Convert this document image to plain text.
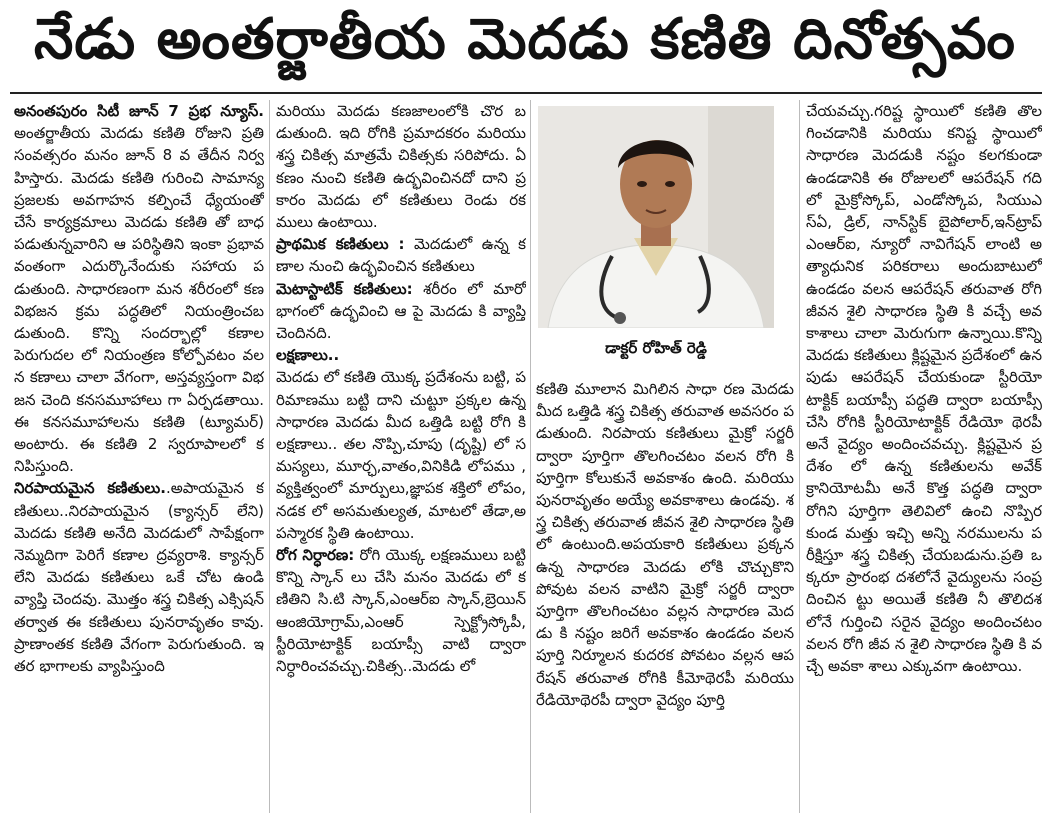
నేడు అంతర్జాతీయ మెదడు కణితి దినోత్సవం

అనంతపురం సిటీ జూన్ 7 ప్రభ న్యూస్. అంతర్జాతీయ మెదడు కణితి రోజుని ప్రతి సంవత్సరం మనం జూన్ 8 వ తేదీన నిర్వహిస్తారు. మెదడు కణితి గురించి సామాన్య ప్రజలకు అవగాహన కల్పించే ధ్యేయంతో చేసే కార్యక్రమాలు మెదడు కణితి తో బాధ పడుతున్నవారిని ఆ పరిస్థితిని ఇంకా ప్రభావవంతంగా ఎదుర్కొనేందుకు సహాయ పడుతుంది. సాధారణంగా మన శరీరంలో కణ విభజన క్రమ పద్ధతిలో నియంత్రించబడుతుంది. కొన్ని సందర్భాల్లో కణాల పెరుగుదల లో నియంత్రణ కోల్పోవటం వలన కణాలు చాలా వేగంగా, అస్తవ్యస్తంగా విభజన చెంది కనసమూహాలు గా ఏర్పడతాయి. ఈ కనసమూహాలను కణితి (ట్యూమర్) అంటారు. ఈ కణితి 2 స్వరూపాలలో కనిపిస్తుంది.

నిరపాయమైన కణితులు..అపాయమైన కణితులు..నిరపాయమైన (క్యాన్సర్ లేని) మెదడు కణితి అనేది మెదడులో సాపేక్షంగా నెమ్మదిగా పెరిగే కణాల ద్రవ్యరాశి. క్యాన్సర్ లేని మెదడు కణితులు ఒకే చోట ఉండి వ్యాప్తి చెందవు. మొత్తం శస్త్ర చికిత్స ఎక్సిషన్ తర్వాత ఈ కణితులు పునరావృతం కావు. ప్రాణాంతక కణితి వేగంగా పెరుగుతుంది. ఇతర భాగాలకు వ్యాపిస్తుంది

మరియు మెదడు కణజాలంలోకి చొర బడుతుంది. ఇది రోగికి ప్రమాదకరం మరియు శస్త్ర చికిత్స మాత్రమే చికిత్సకు సరిపోదు. ఏ కణం నుంచి కణితి ఉద్భవించినదో దాని ప్రకారం మెదడు లో కణితులు రెండు రకములు ఉంటాయి.

ప్రాథమిక కణితులు : మెదడులో ఉన్న కణాల నుంచి ఉద్భవించిన కణితులు

మెటాస్టాటిక్ కణితులు: శరీరం లో మారో భాగంలో ఉద్భవించి ఆ పై మెదడు కి వ్యాప్తి చెందినది.

లక్షణాలు..

మెదడు లో కణితి యొక్క ప్రదేశంను బట్టి, పరిమాణము బట్టి దాని చుట్టూ ప్రక్కల ఉన్న సాధారణ మెదడు మీద ఒత్తిడి బట్టి రోగి కి లక్షణాలు.. తల నొప్పి,చూపు (దృష్టి) లో సమస్యలు, మూర్ఛ,వాతం,వినికిడి లోపము ,వ్యక్తిత్వంలో మార్పులు,జ్ఞాపక శక్తిలో లోపం,నడక లో అసమతుల్యత, మాటలో తేడా,అపస్మారక స్థితి ఉంటాయి.

రోగ నిర్ధారణ: రోగి యొక్క లక్షణములు బట్టి కొన్ని స్కాన్ లు చేసి మనం మెదడు లో కణితిని సి.టి స్కాన్,ఎంఆర్ఐ స్కాన్,బ్రెయిన్ ఆంజియోగ్రామ్,ఎంఆర్ స్పెక్ట్రోస్కోపీ, స్టీరియోటాక్టిక్ బయాప్సీ వాటి ద్వారా నిర్ధారించవచ్చు.చికిత్స..మెదడు లో

డాక్టర్ రోహిత్ రెడ్డి

కణితి మూలాన మిగిలిన సాధా రణ మెదడు మీద ఒత్తిడి శస్త్ర చికిత్స తరువాత అవసరం పడుతుంది. నిరపాయ కణితులు మైక్రో సర్జరీ ద్వారా పూర్తిగా తొలగించటం వలన రోగి కి పూర్తిగా కోలుకునే అవకాశం ఉంది. మరియు పునరావృతం అయ్యే అవకాశాలు ఉండవు. శస్త్ర చికిత్స తరువాత జీవన శైలి సాధారణ స్థితి లో ఉంటుంది.అపయకారి కణితులు ప్రక్కన ఉన్న సాధారణ మెదడు లోకి చొచ్చుకొని పోవుట వలన వాటిని మైక్రో సర్జరీ ద్వారా పూర్తిగా తొలగించటం వల్లన సాధారణ మెదడు కి నష్టం జరిగే అవకాశం ఉండడం వలన పూర్తి నిర్మూలన కుదరక పోవటం వల్లన ఆపరేషన్ తరువాత రోగికి కీమోథెరపీ మరియు రేడియోథెరపీ ద్వారా వైద్యం పూర్తి

చేయవచ్చు.గరిష్ట స్థాయిలో కణితి తొలగించడానికి మరియు కనిష్ట స్థాయిలో సాధారణ మెదడుకి నష్టం కలగకుండా ఉండడానికి ఈ రోజులలో ఆపరేషన్ గది లో మైక్రోస్కోప్, ఎండోస్కోప, సియుఎస్ఏ, డ్రిల్, నాన్‌స్టిక్ బైపోలార్,ఇన్‌ట్రాప్ ఎంఆర్ఐ, న్యూరో నావిగేషన్ లాంటి అత్యాధునిక పరికరాలు అందుబాటులో ఉండడం వలన ఆపరేషన్ తరువాత రోగి జీవన శైలి సాధారణ స్థితి కి వచ్చే అవకాశాలు చాలా మెరుగుగా ఉన్నాయి.కొన్ని మెదడు కణితులు క్లిష్టమైన ప్రదేశంలో ఉన పుడు ఆపరేషన్ చేయకుండా స్టీరియో టాక్టిక్ బయాప్సీ పద్ధతి ద్వారా బయాప్సీ చేసి రోగికి స్టీరియోటాక్టిక్ రేడియో థెరపీ అనే వైద్యం అందించవచ్చు. క్లిష్టమైన ప్రదేశం లో ఉన్న కణితులను అవేక్ క్రానియోటమీ అనే కొత్త పద్ధతి ద్వారా రోగిని పూర్తిగా తెలివిలో ఉంచి నొప్పిరకుండ మత్తు ఇచ్చి అన్ని నరములను పరీక్షిస్తూ శస్త్ర చికిత్స చేయబడును.ప్రతి ఒక్కరూ ప్రారంభ దశలోనే వైద్యులను సంప్రదించిన ట్టు అయితే కణితి నీ తొలిదశ లోనే గుర్తించి సరైన వైద్యం అందించటం వలన రోగి జీవ న శైలి సాధారణ స్థితి కి వచ్చే అవకా శాలు ఎక్కువగా ఉంటాయి.
